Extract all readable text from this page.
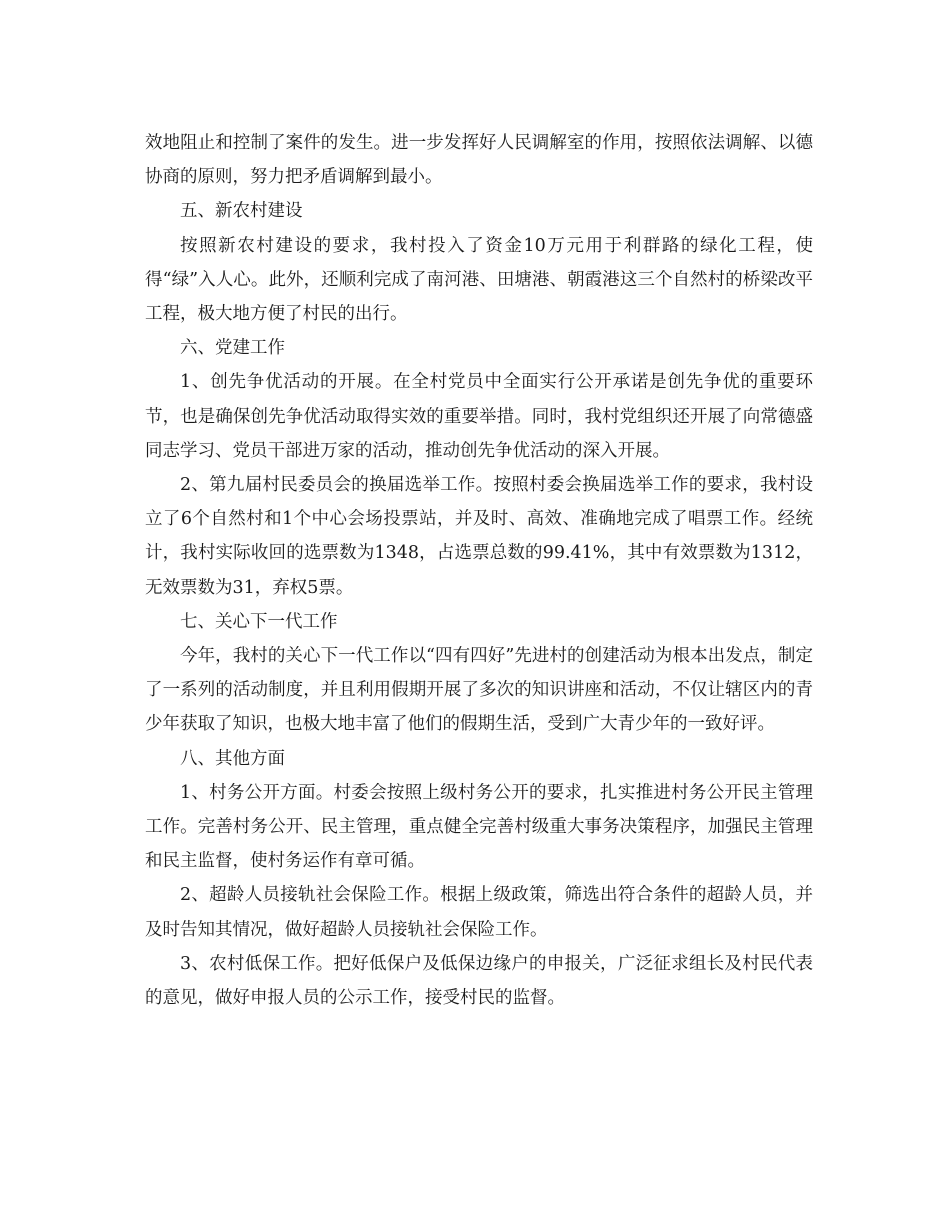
效地阻止和控制了案件的发生。进一步发挥好人民调解室的作用，按照依法调解、以德协商的原则，努力把矛盾调解到最小。

五、新农村建设

按照新农村建设的要求，我村投入了资金10万元用于利群路的绿化工程，使得“绿”入人心。此外，还顺利完成了南河港、田塘港、朝霞港这三个自然村的桥梁改平工程，极大地方便了村民的出行。

六、党建工作

1、创先争优活动的开展。在全村党员中全面实行公开承诺是创先争优的重要环节，也是确保创先争优活动取得实效的重要举措。同时，我村党组织还开展了向常德盛同志学习、党员干部进万家的活动，推动创先争优活动的深入开展。

2、第九届村民委员会的换届选举工作。按照村委会换届选举工作的要求，我村设立了6个自然村和1个中心会场投票站，并及时、高效、准确地完成了唱票工作。经统计，我村实际收回的选票数为1348，占选票总数的99.41%，其中有效票数为1312，无效票数为31，弃权5票。

七、关心下一代工作

今年，我村的关心下一代工作以“四有四好”先进村的创建活动为根本出发点，制定了一系列的活动制度，并且利用假期开展了多次的知识讲座和活动，不仅让辖区内的青少年获取了知识，也极大地丰富了他们的假期生活，受到广大青少年的一致好评。

八、其他方面

1、村务公开方面。村委会按照上级村务公开的要求，扎实推进村务公开民主管理工作。完善村务公开、民主管理，重点健全完善村级重大事务决策程序，加强民主管理和民主监督，使村务运作有章可循。

2、超龄人员接轨社会保险工作。根据上级政策，筛选出符合条件的超龄人员，并及时告知其情况，做好超龄人员接轨社会保险工作。

3、农村低保工作。把好低保户及低保边缘户的申报关，广泛征求组长及村民代表的意见，做好申报人员的公示工作，接受村民的监督。
